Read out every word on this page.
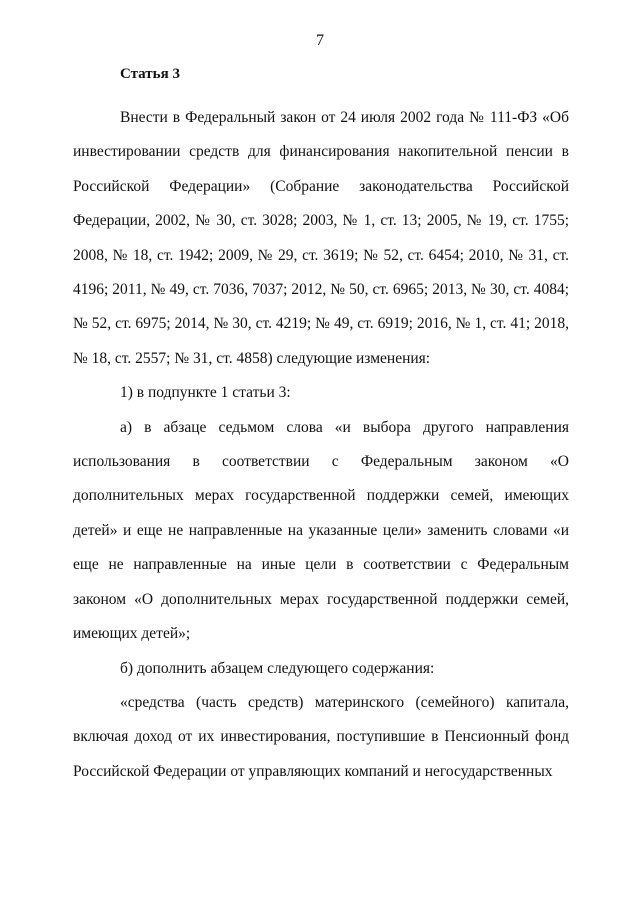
7
Статья 3

Внести в Федеральный закон от 24 июля 2002 года № 111-ФЗ «Об инвестировании средств для финансирования накопительной пенсии в Российской Федерации» (Собрание законодательства Российской Федерации, 2002, № 30, ст. 3028; 2003, № 1, ст. 13; 2005, № 19, ст. 1755; 2008, № 18, ст. 1942; 2009, № 29, ст. 3619; № 52, ст. 6454; 2010, № 31, ст. 4196; 2011, № 49, ст. 7036, 7037; 2012, № 50, ст. 6965; 2013, № 30, ст. 4084; № 52, ст. 6975; 2014, № 30, ст. 4219; № 49, ст. 6919; 2016, № 1, ст. 41; 2018, № 18, ст. 2557; № 31, ст. 4858) следующие изменения:

1) в подпункте 1 статьи 3:

а) в абзаце седьмом слова «и выбора другого направления использования в соответствии с Федеральным законом «О дополнительных мерах государственной поддержки семей, имеющих детей» и еще не направленные на указанные цели» заменить словами «и еще не направленные на иные цели в соответствии с Федеральным законом «О дополнительных мерах государственной поддержки семей, имеющих детей»;

б) дополнить абзацем следующего содержания:

«средства (часть средств) материнского (семейного) капитала, включая доход от их инвестирования, поступившие в Пенсионный фонд Российской Федерации от управляющих компаний и негосударственных
